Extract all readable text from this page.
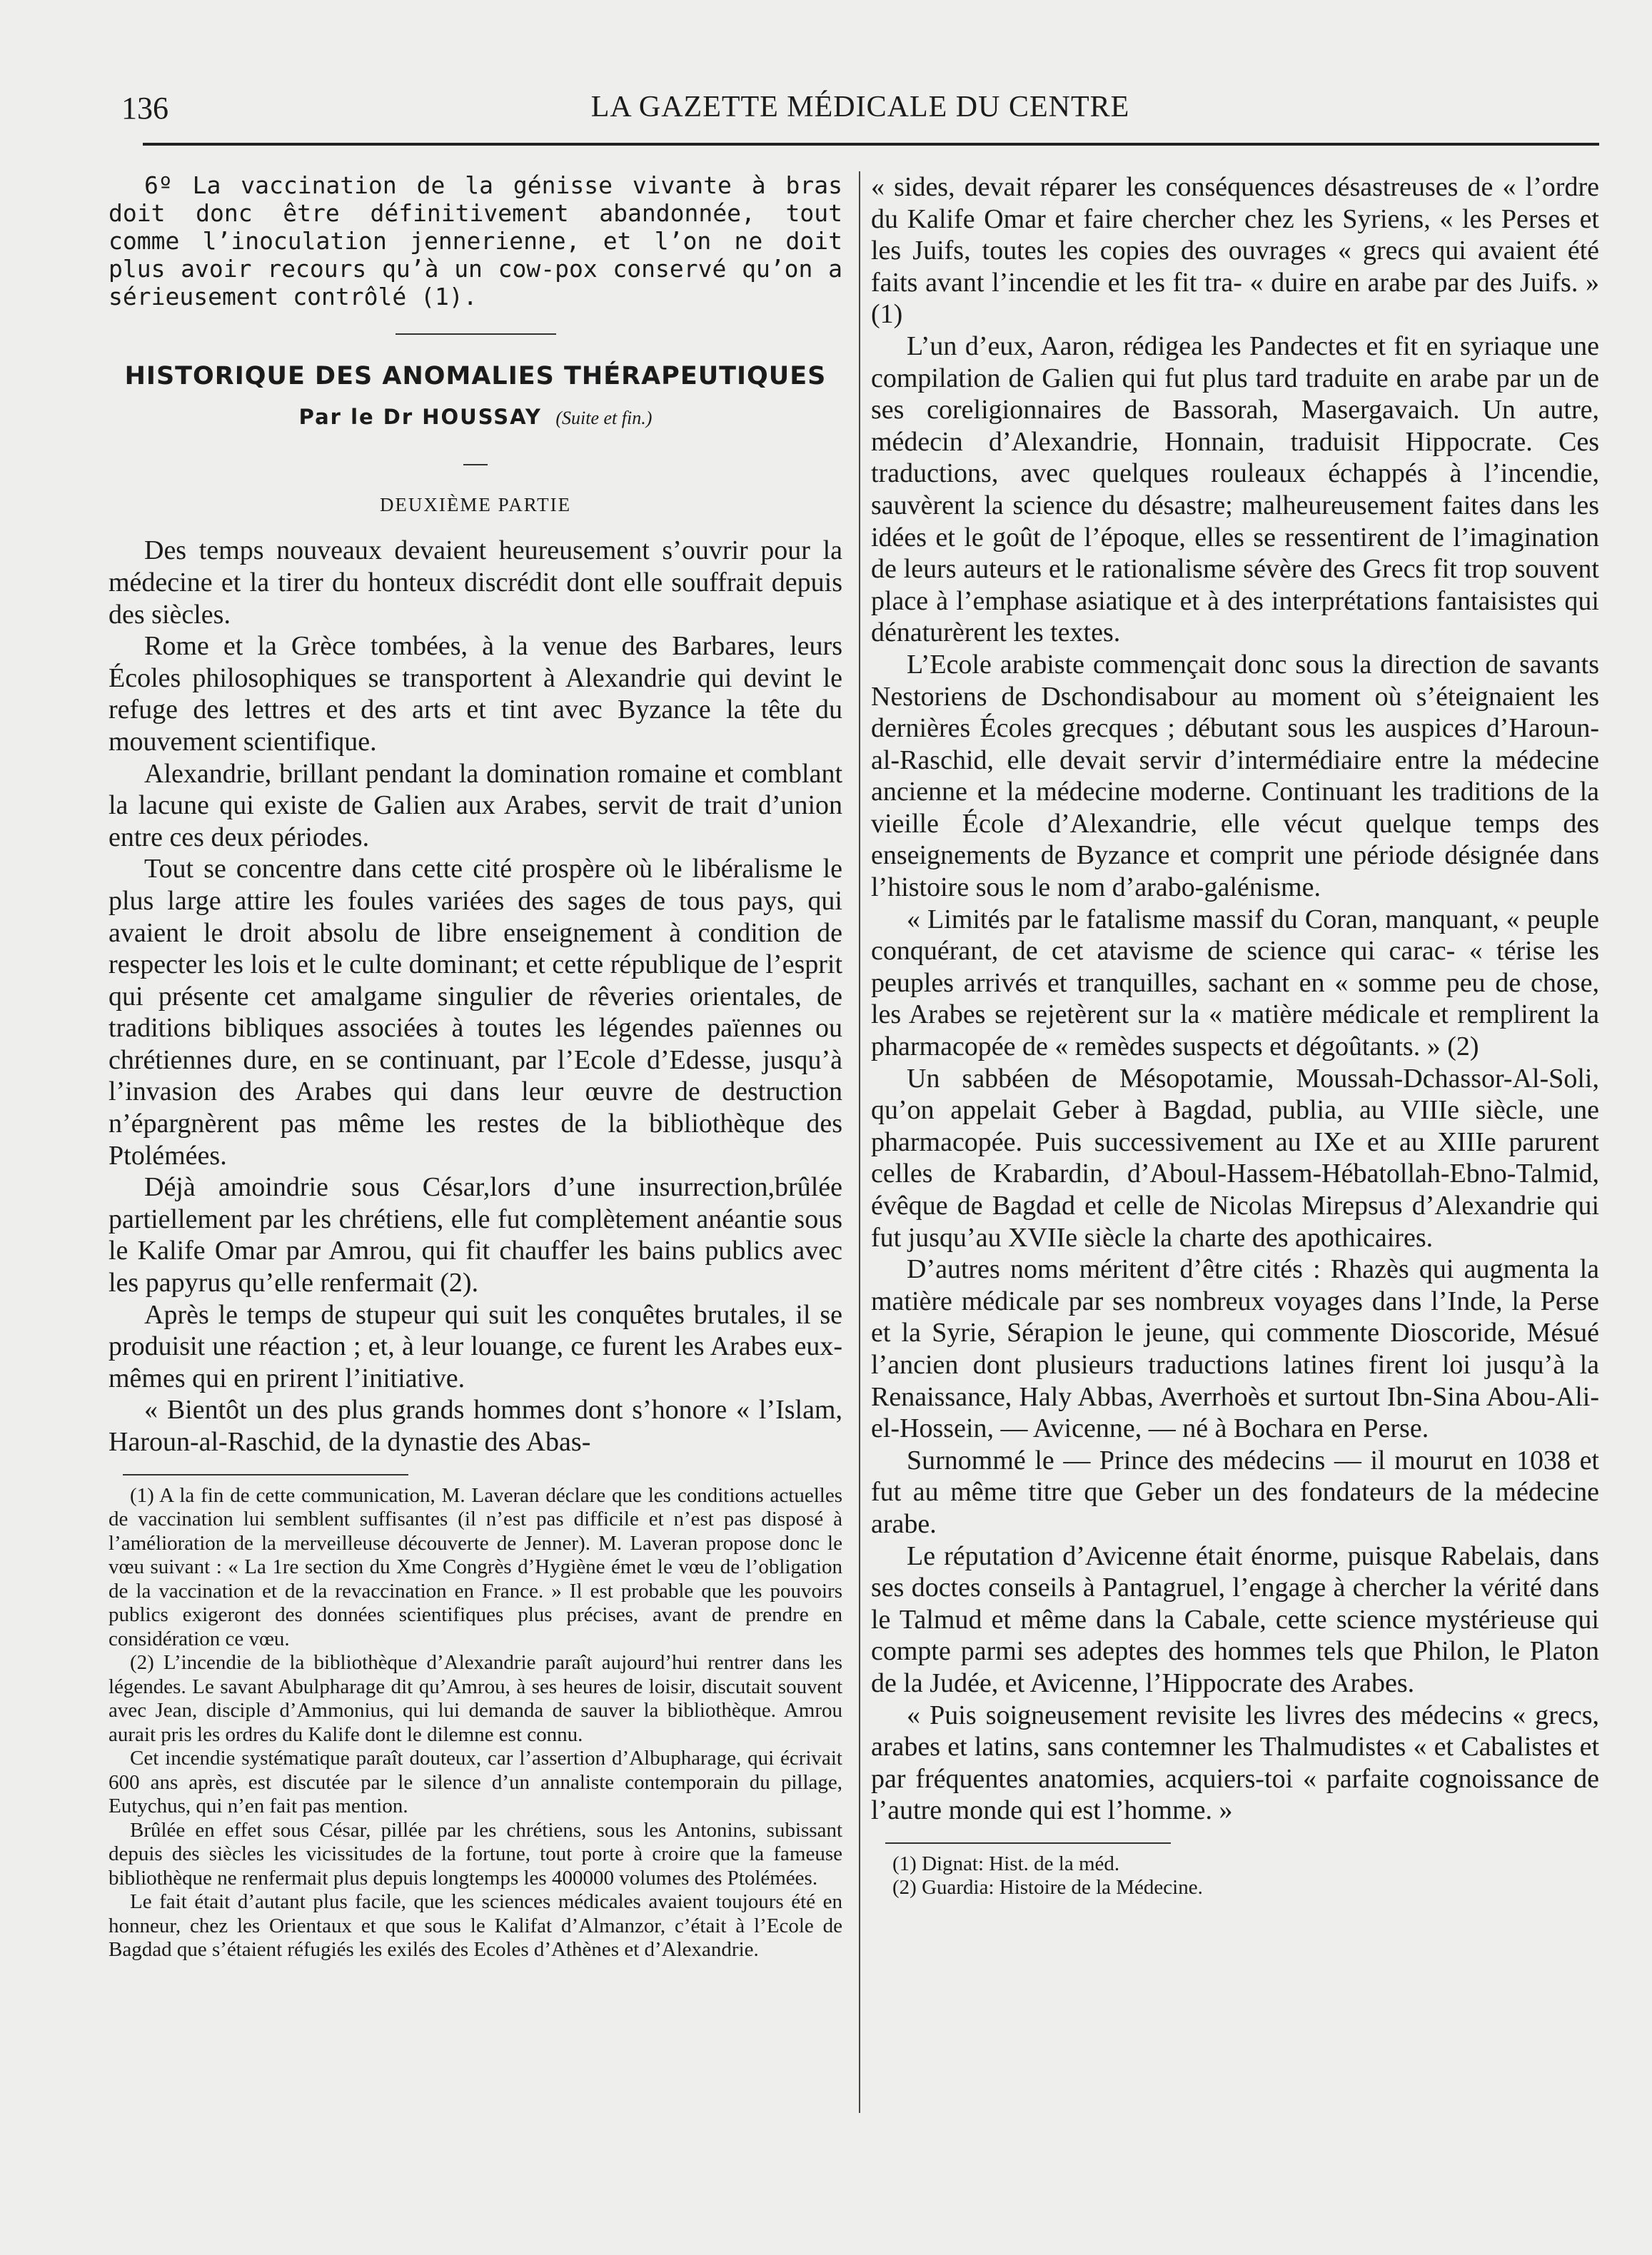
136	LA GAZETTE MÉDICALE DU CENTRE

6º La vaccination de la génisse vivante à bras doit donc être définitivement abandonnée, tout comme l’inoculation jennerienne, et l’on ne doit plus avoir recours qu’à un cow-pox conservé qu’on a sérieusement contrôlé (1).

HISTORIQUE DES ANOMALIES THÉRAPEUTIQUES
Par le Dr HOUSSAY (Suite et fin.)
DEUXIÈME PARTIE

Des temps nouveaux devaient heureusement s’ouvrir pour la médecine et la tirer du honteux discrédit dont elle souffrait depuis des siècles.

Rome et la Grèce tombées, à la venue des Barbares, leurs Écoles philosophiques se transportent à Alexandrie qui devint le refuge des lettres et des arts et tint avec Byzance la tête du mouvement scientifique.

Alexandrie, brillant pendant la domination romaine et comblant la lacune qui existe de Galien aux Arabes, servit de trait d’union entre ces deux périodes.

Tout se concentre dans cette cité prospère où le libéralisme le plus large attire les foules variées des sages de tous pays, qui avaient le droit absolu de libre enseignement à condition de respecter les lois et le culte dominant; et cette république de l’esprit qui présente cet amalgame singulier de rêveries orientales, de traditions bibliques associées à toutes les légendes païennes ou chrétiennes dure, en se continuant, par l’Ecole d’Edesse, jusqu’à l’invasion des Arabes qui dans leur œuvre de destruction n’épargnèrent pas même les restes de la bibliothèque des Ptolémées.

Déjà amoindrie sous César,lors d’une insurrection,brûlée partiellement par les chrétiens, elle fut complètement anéantie sous le Kalife Omar par Amrou, qui fit chauffer les bains publics avec les papyrus qu’elle renfermait (2).

Après le temps de stupeur qui suit les conquêtes brutales, il se produisit une réaction ; et, à leur louange, ce furent les Arabes eux-mêmes qui en prirent l’initiative.

« Bientôt un des plus grands hommes dont s’honore « l’Islam, Haroun-al-Raschid, de la dynastie des Abas-

(1) A la fin de cette communication, M. Laveran déclare que les conditions actuelles de vaccination lui semblent suffisantes (il n’est pas difficile et n’est pas disposé à l’amélioration de la merveilleuse découverte de Jenner). M. Laveran propose donc le vœu suivant : « La 1re section du Xme Congrès d’Hygiène émet le vœu de l’obligation de la vaccination et de la revaccination en France. » Il est probable que les pouvoirs publics exigeront des données scientifiques plus précises, avant de prendre en considération ce vœu.

(2) L’incendie de la bibliothèque d’Alexandrie paraît aujourd’hui rentrer dans les légendes. Le savant Abulpharage dit qu’Amrou, à ses heures de loisir, discutait souvent avec Jean, disciple d’Ammonius, qui lui demanda de sauver la bibliothèque. Amrou aurait pris les ordres du Kalife dont le dilemne est connu.

Cet incendie systématique paraît douteux, car l’assertion d’Albupharage, qui écrivait 600 ans après, est discutée par le silence d’un annaliste contemporain du pillage, Eutychus, qui n’en fait pas mention.

Brûlée en effet sous César, pillée par les chrétiens, sous les Antonins, subissant depuis des siècles les vicissitudes de la fortune, tout porte à croire que la fameuse bibliothèque ne renfermait plus depuis longtemps les 400000 volumes des Ptolémées.

Le fait était d’autant plus facile, que les sciences médicales avaient toujours été en honneur, chez les Orientaux et que sous le Kalifat d’Almanzor, c’était à l’Ecole de Bagdad que s’étaient réfugiés les exilés des Ecoles d’Athènes et d’Alexandrie.

« sides, devait réparer les conséquences désastreuses de « l’ordre du Kalife Omar et faire chercher chez les Syriens, « les Perses et les Juifs, toutes les copies des ouvrages « grecs qui avaient été faits avant l’incendie et les fit tra- « duire en arabe par des Juifs. » (1)

L’un d’eux, Aaron, rédigea les Pandectes et fit en syriaque une compilation de Galien qui fut plus tard traduite en arabe par un de ses coreligionnaires de Bassorah, Masergavaich. Un autre, médecin d’Alexandrie, Honnain, traduisit Hippocrate. Ces traductions, avec quelques rouleaux échappés à l’incendie, sauvèrent la science du désastre; malheureusement faites dans les idées et le goût de l’époque, elles se ressentirent de l’imagination de leurs auteurs et le rationalisme sévère des Grecs fit trop souvent place à l’emphase asiatique et à des interprétations fantaisistes qui dénaturèrent les textes.

L’Ecole arabiste commençait donc sous la direction de savants Nestoriens de Dschondisabour au moment où s’éteignaient les dernières Écoles grecques ; débutant sous les auspices d’Haroun-al-Raschid, elle devait servir d’intermédiaire entre la médecine ancienne et la médecine moderne. Continuant les traditions de la vieille École d’Alexandrie, elle vécut quelque temps des enseignements de Byzance et comprit une période désignée dans l’histoire sous le nom d’arabo-galénisme.

« Limités par le fatalisme massif du Coran, manquant, « peuple conquérant, de cet atavisme de science qui carac- « térise les peuples arrivés et tranquilles, sachant en « somme peu de chose, les Arabes se rejetèrent sur la « matière médicale et remplirent la pharmacopée de « remèdes suspects et dégoûtants. » (2)

Un sabbéen de Mésopotamie, Moussah-Dchassor-Al-Soli, qu’on appelait Geber à Bagdad, publia, au VIIIe siècle, une pharmacopée. Puis successivement au IXe et au XIIIe parurent celles de Krabardin, d’Aboul-Hassem-Hébatollah-Ebno-Talmid, évêque de Bagdad et celle de Nicolas Mirepsus d’Alexandrie qui fut jusqu’au XVIIe siècle la charte des apothicaires.

D’autres noms méritent d’être cités : Rhazès qui augmenta la matière médicale par ses nombreux voyages dans l’Inde, la Perse et la Syrie, Sérapion le jeune, qui commente Dioscoride, Mésué l’ancien dont plusieurs traductions latines firent loi jusqu’à la Renaissance, Haly Abbas, Averrhoès et surtout Ibn-Sina Abou-Ali-el-Hossein, — Avicenne, — né à Bochara en Perse.

Surnommé le — Prince des médecins — il mourut en 1038 et fut au même titre que Geber un des fondateurs de la médecine arabe.

Le réputation d’Avicenne était énorme, puisque Rabelais, dans ses doctes conseils à Pantagruel, l’engage à chercher la vérité dans le Talmud et même dans la Cabale, cette science mystérieuse qui compte parmi ses adeptes des hommes tels que Philon, le Platon de la Judée, et Avicenne, l’Hippocrate des Arabes.

« Puis soigneusement revisite les livres des médecins « grecs, arabes et latins, sans contemner les Thalmudistes « et Cabalistes et par fréquentes anatomies, acquiers-toi « parfaite cognoissance de l’autre monde qui est l’homme. »

(1) Dignat: Hist. de la méd.

(2) Guardia: Histoire de la Médecine.
